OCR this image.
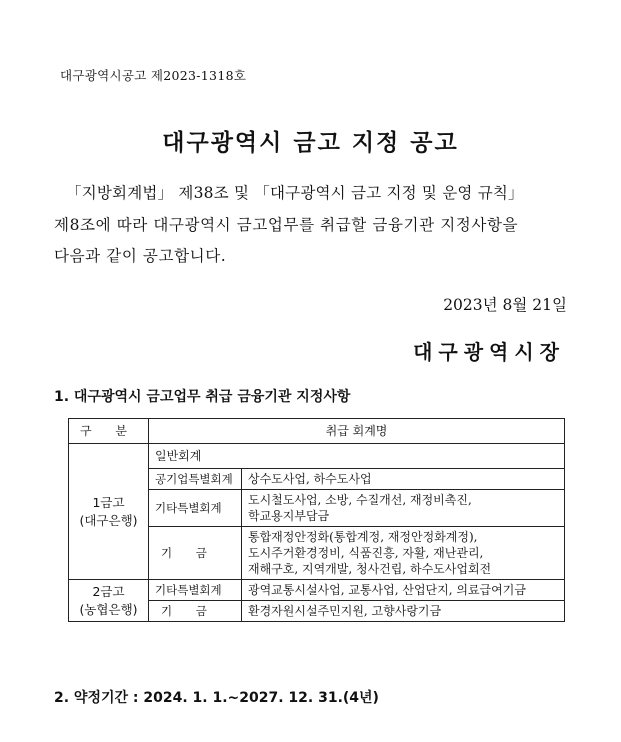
대구광역시공고 제2023-1318호
대구광역시 금고 지정 공고
「지방회계법」 제38조 및 「대구광역시 금고 지정 및 운영 규칙」
제8조에 따라 대구광역시 금고업무를 취급할 금융기관 지정사항을
다음과 같이 공고합니다.
2023년 8월 21일
대구광역시장
1. 대구광역시 금고업무 취급 금융기관 지정사항
구 분	취급 회계명	

1금고
(대구은행)	일반회계	
	공기업특별회계	상수도사업, 하수도사업

	기타특별회계	도시철도사업, 소방, 수질개선, 재정비촉진,
학교용지부담금

	기 금	통합재정안정화(통합계정, 재정안정화계정),
도시주거환경정비, 식품진흥, 자활, 재난관리,
재해구호, 지역개발, 청사건립, 하수도사업회전

2금고
(농협은행)	기타특별회계	광역교통시설사업, 교통사업, 산업단지, 의료급여기금

	기 금	환경자원시설주민지원, 고향사랑기금
2. 약정기간 : 2024. 1. 1.~2027. 12. 31.(4년)
